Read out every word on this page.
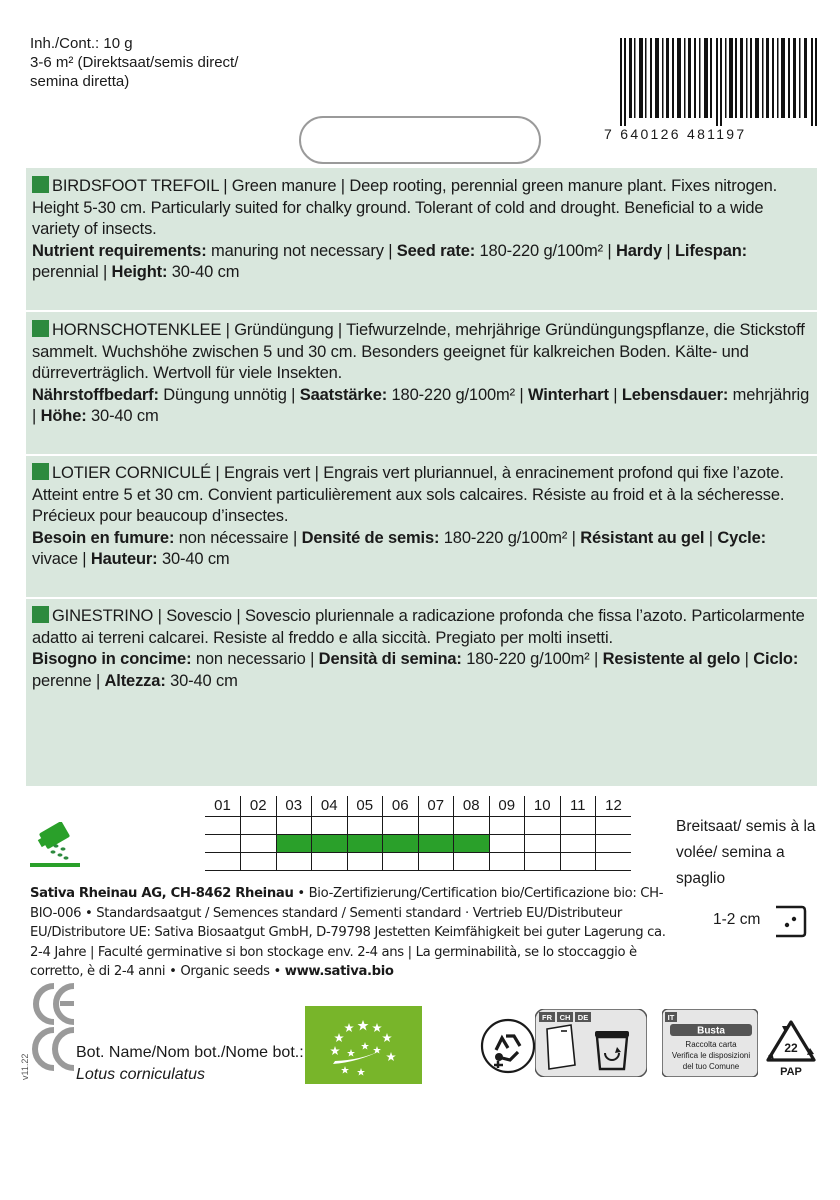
Inh./Cont.: 10 g
3-6 m² (Direktsaat/semis direct/
semina diretta)
7 640126 481197

BIRDSFOOT TREFOIL | Green manure | Deep rooting, perennial green manure plant. Fixes nitrogen. Height 5-30 cm. Particularly suited for chalky ground. Tolerant of cold and drought. Beneficial to a wide variety of insects.

Nutrient requirements: manuring not necessary | Seed rate: 180-220 g/100m² | Hardy | Lifespan: perennial | Height: 30-40 cm

HORNSCHOTENKLEE | Gründüngung | Tiefwurzelnde, mehrjährige Gründüngungspflanze, die Stickstoff sammelt. Wuchshöhe zwischen 5 und 30 cm. Besonders geeignet für kalkreichen Boden. Kälte- und dürreverträglich. Wertvoll für viele Insekten.

Nährstoffbedarf: Düngung unnötig | Saatstärke: 180-220 g/100m² | Winterhart | Lebensdauer: mehrjährig | Höhe: 30-40 cm

LOTIER CORNICULÉ | Engrais vert | Engrais vert pluriannuel, à enracinement profond qui fixe l’azote. Atteint entre 5 et 30 cm. Convient particulièrement aux sols calcaires. Résiste au froid et à la sécheresse. Précieux pour beaucoup d’insectes.

Besoin en fumure: non nécessaire | Densité de semis: 180-220 g/100m² | Résistant au gel | Cycle: vivace | Hauteur: 30-40 cm

GINESTRINO | Sovescio | Sovescio pluriennale a radicazione profonda che fissa l’azoto. Particolarmente adatto ai terreni calcarei. Resiste al freddo e alla siccità. Pregiato per molti insetti.

Bisogno in concime: non necessario | Densità di semina: 180-220 g/100m² | Resistente al gelo | Ciclo: perenne | Altezza: 30-40 cm

01	02	03	04	05	06	07	08	09	10	11	12

Breitsaat/ semis à la volée/ semina a spaglio
1-2 cm
Sativa Rheinau AG, CH-8462 Rheinau • Bio-Zertifizierung/Certification bio/Certificazione bio: CH-BIO-006 • Standardsaatgut / Semences standard / Sementi standard · Vertrieb EU/Distributeur EU/Distributore UE: Sativa Biosaatgut GmbH, D-79798 Jestetten Keimfähigkeit bei guter Lagerung ca. 2-4 Jahre | Faculté germinative si bon stockage env. 2-4 ans | La germinabilità, se lo stoccaggio è corretto, è di 2-4 anni • Organic seeds • www.sativa.bio
v11.22
Bot. Name/Nom bot./Nome bot.:
Lotus corniculatus
FR CH DE	IT
Busta
Raccolta carta
Verifica le disposizioni
del tuo Comune
22
PAP
